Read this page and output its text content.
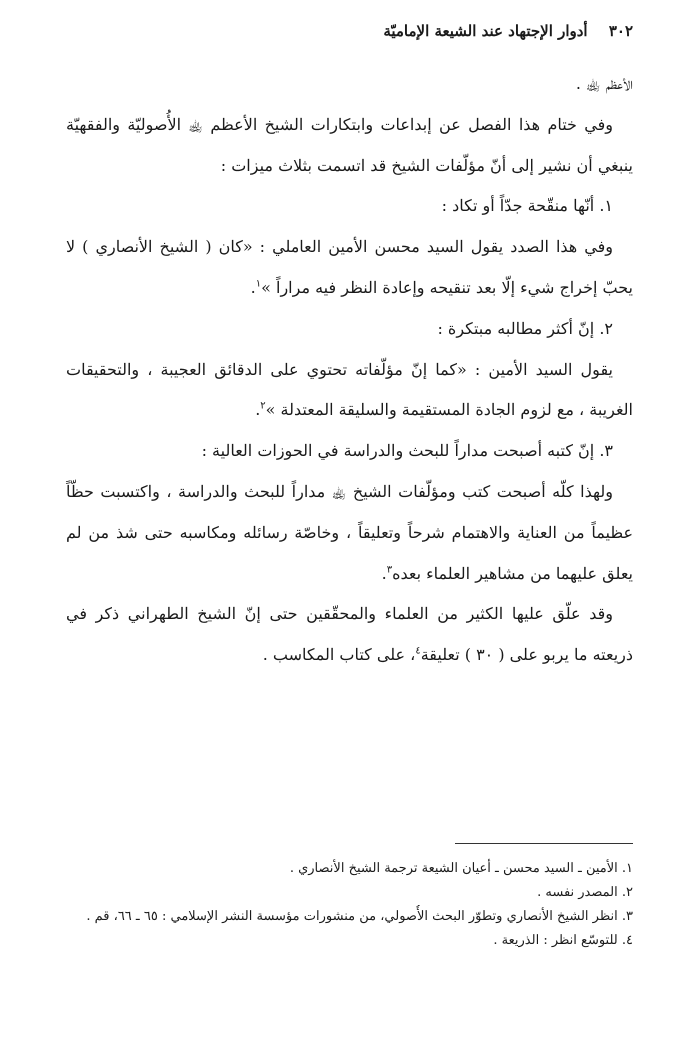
٣٠٢ أدوار الإجتهاد عند الشيعة الإماميّة

الأعظم ﵀ .

وفي ختام هذا الفصل عن إبداعات وابتكارات الشيخ الأعظم ﵀ الأُصوليّة والفقهيّة ينبغي أن نشير إلى أنّ مؤلّفات الشيخ قد اتسمت بثلاث ميزات :

١. أنّها منقّحة جدّاً أو تكاد :

وفي هذا الصدد يقول السيد محسن الأمين العاملي : «كان ( الشيخ الأنصاري ) لا يحبّ إخراج شيء إلّا بعد تنقيحه وإعادة النظر فيه مراراً »$^١$.

٢. إنّ أكثر مطالبه مبتكرة :

يقول السيد الأمين : «كما إنّ مؤلّفاته تحتوي على الدقائق العجيبة ، والتحقيقات الغريبة ، مع لزوم الجادة المستقيمة والسليقة المعتدلة »$^٢$.

٣. إنّ كتبه أصبحت مداراً للبحث والدراسة في الحوزات العالية :

ولهذا كلّه أصبحت كتب ومؤلّفات الشيخ ﵀ مداراً للبحث والدراسة ، واكتسبت حظّاً عظيماً من العناية والاهتمام شرحاً وتعليقاً ، وخاصّة رسائله ومكاسبه حتى شذ من لم يعلق عليهما من مشاهير العلماء بعده$^٣$.

وقد علّق عليها الكثير من العلماء والمحقّقين حتى إنّ الشيخ الطهراني ذكر في ذريعته ما يربو على ( ٣٠ ) تعليقة$^٤$، على كتاب المكاسب .

١. الأمين ـ السيد محسن ـ أعيان الشيعة ترجمة الشيخ الأنصاري .
٢. المصدر نفسه .
٣. انظر الشيخ الأنصاري وتطوّر البحث الأُصولي، من منشورات مؤسسة النشر الإسلامي : ٦٥ ـ ٦٦، قم .
٤. للتوسّع انظر : الذريعة .
